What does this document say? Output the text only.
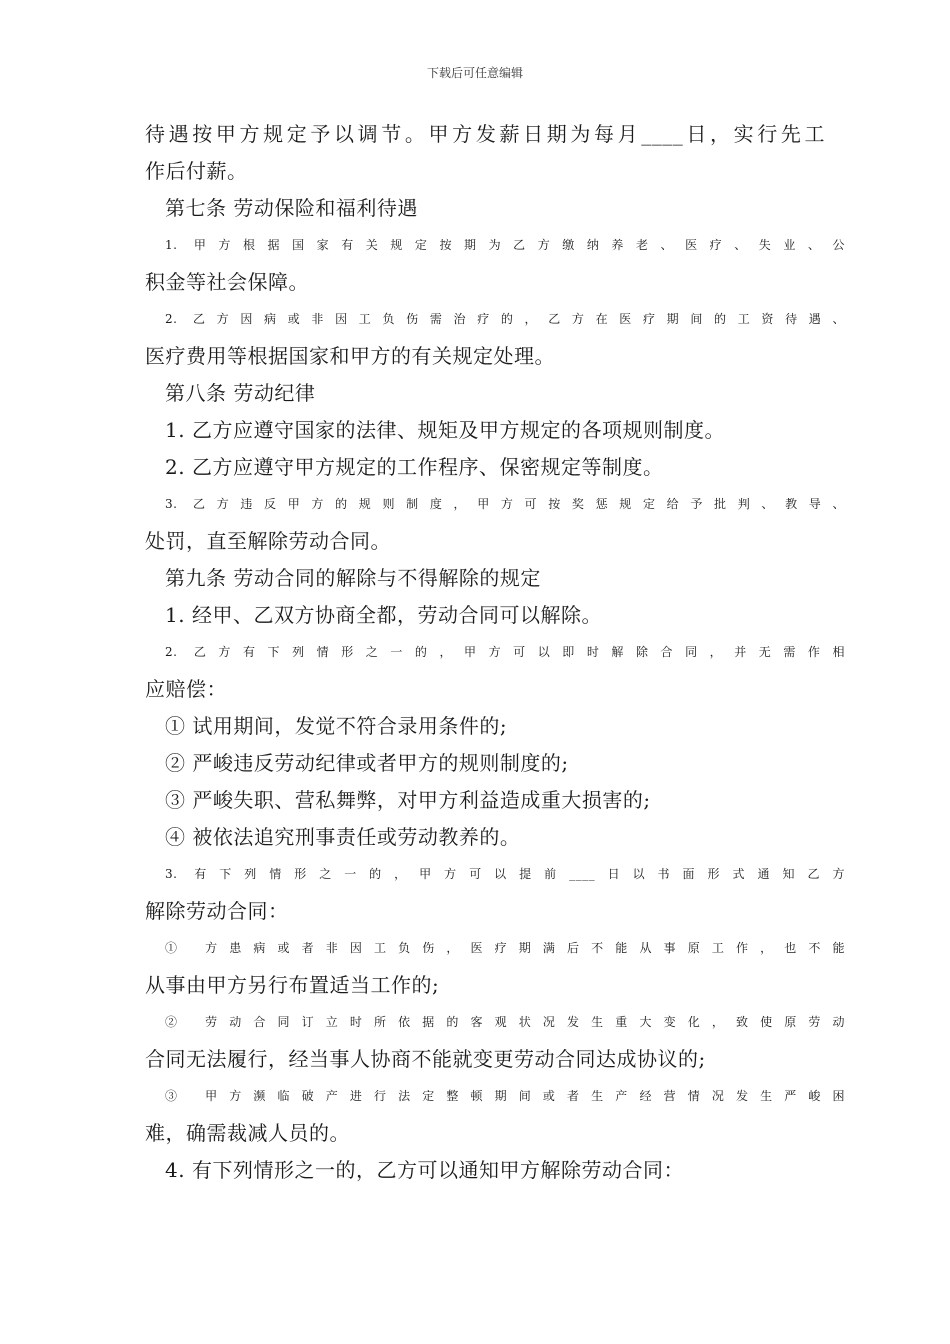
下载后可任意编辑
待遇按甲方规定予以调节。甲方发薪日期为每月____日，实行先工
作后付薪。
第七条 劳动保险和福利待遇
1. 甲方根据国家有关规定按期为乙方缴纳养老、医疗、失业、公
积金等社会保障。
2. 乙方因病或非因工负伤需治疗的，乙方在医疗期间的工资待遇、
医疗费用等根据国家和甲方的有关规定处理。
第八条 劳动纪律
1. 乙方应遵守国家的法律、规矩及甲方规定的各项规则制度。
2. 乙方应遵守甲方规定的工作程序、保密规定等制度。
3. 乙方违反甲方的规则制度，甲方可按奖惩规定给予批判、教导、
处罚，直至解除劳动合同。
第九条 劳动合同的解除与不得解除的规定
1. 经甲、乙双方协商全都，劳动合同可以解除。
2. 乙方有下列情形之一的，甲方可以即时解除合同，并无需作相
应赔偿：
① 试用期间，发觉不符合录用条件的;
② 严峻违反劳动纪律或者甲方的规则制度的;
③ 严峻失职、营私舞弊，对甲方利益造成重大损害的;
④ 被依法追究刑事责任或劳动教养的。
3. 有下列情形之一的，甲方可以提前____日以书面形式通知乙方
解除劳动合同：
① 方患病或者非因工负伤，医疗期满后不能从事原工作，也不能
从事由甲方另行布置适当工作的;
② 劳动合同订立时所依据的客观状况发生重大变化，致使原劳动
合同无法履行，经当事人协商不能就变更劳动合同达成协议的;
③ 甲方濒临破产进行法定整顿期间或者生产经营情况发生严峻困
难，确需裁减人员的。
4. 有下列情形之一的，乙方可以通知甲方解除劳动合同：
